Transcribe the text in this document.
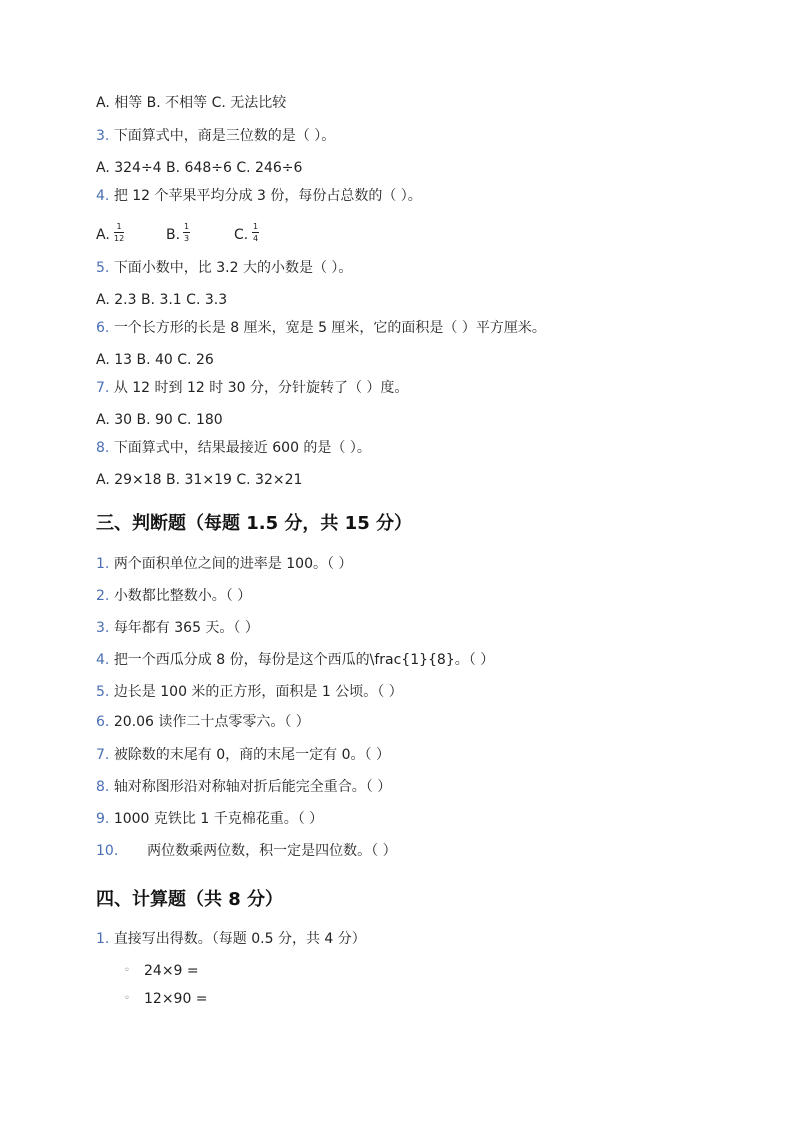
A. 相等 B. 不相等 C. 无法比较
3. 下面算式中，商是三位数的是（ ）。
A. 324÷4 B. 648÷6 C. 246÷6
4. 把 12 个苹果平均分成 3 份，每份占总数的（ ）。
A.
1
12	B.
1
3	C.
1
4
5. 下面小数中，比 3.2 大的小数是（ ）。
A. 2.3 B. 3.1 C. 3.3
6. 一个长方形的长是 8 厘米，宽是 5 厘米，它的面积是（ ）平方厘米。
A. 13 B. 40 C. 26
7. 从 12 时到 12 时 30 分，分针旋转了（ ）度。
A. 30 B. 90 C. 180
8. 下面算式中，结果最接近 600 的是（ ）。
A. 29×18 B. 31×19 C. 32×21
三、判断题（每题 1.5 分，共 15 分）
1. 两个面积单位之间的进率是 100。（ ）
2. 小数都比整数小。（ ）
3. 每年都有 365 天。（ ）
4. 把一个西瓜分成 8 份，每份是这个西瓜的\frac{1}{8}。（ ）
5. 边长是 100 米的正方形，面积是 1 公顷。（ ）
6. 20.06 读作二十点零零六。（ ）
7. 被除数的末尾有 0，商的末尾一定有 0。（ ）
8. 轴对称图形沿对称轴对折后能完全重合。（ ）
9. 1000 克铁比 1 千克棉花重。（ ）
10. 两位数乘两位数，积一定是四位数。（ ）
四、计算题（共 8 分）
1. 直接写出得数。（每题 0.5 分，共 4 分）
◦ 24×9 =
◦ 12×90 =
